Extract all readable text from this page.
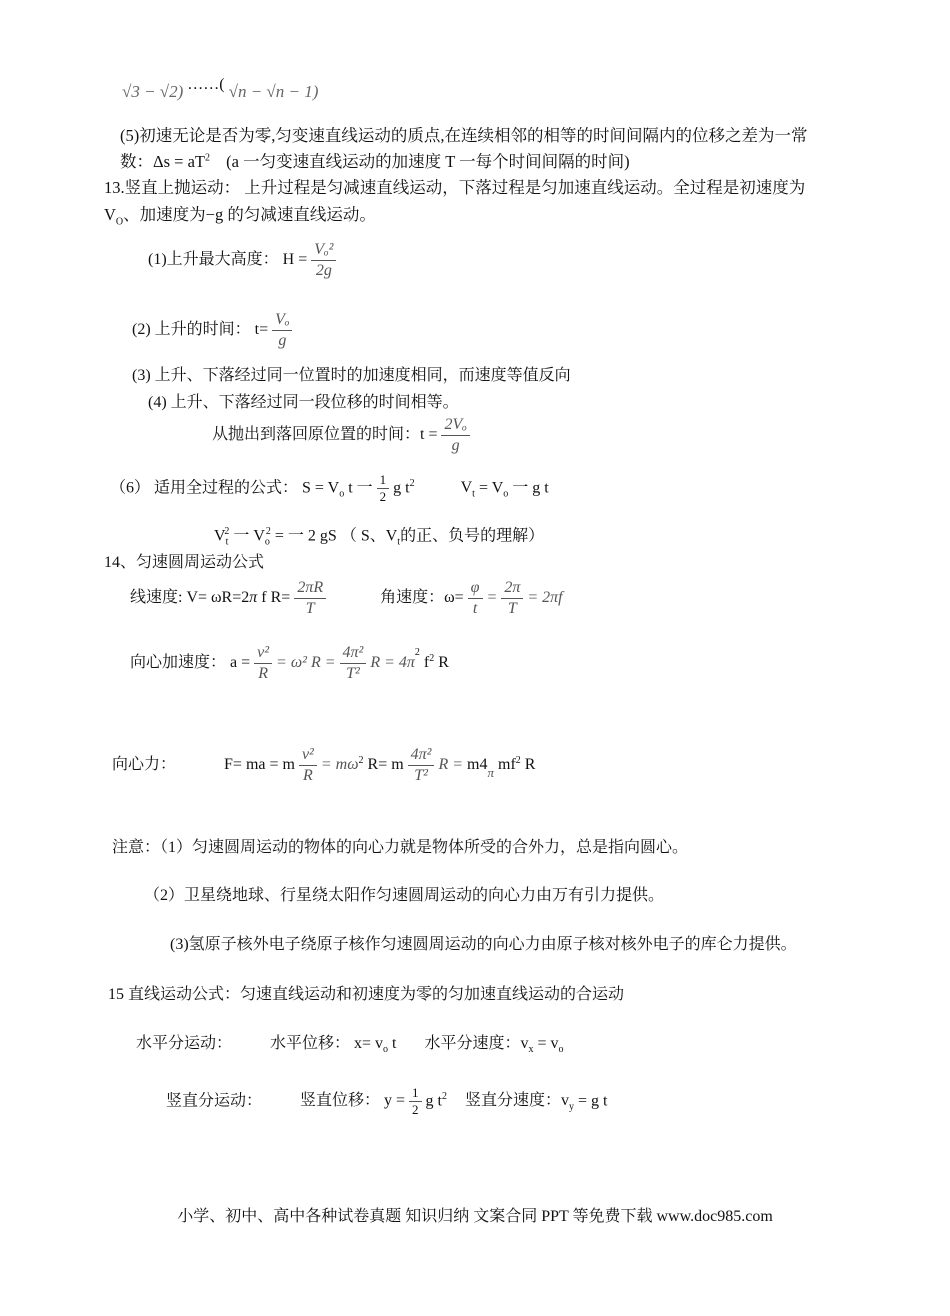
√3 − √2) ……( √n − √n − 1)
(5)初速无论是否为零,匀变速直线运动的质点,在连续相邻的相等的时间间隔内的位移之差为一常
数：$\Delta s = aT^2$ (a 一匀变速直线运动的加速度 T 一每个时间间隔的时间)
13.竖直上抛运动： 上升过程是匀减速直线运动，下落过程是匀加速直线运动。全过程是初速度为
$V_O$、加速度为−g 的匀减速直线运动。
(1)上升最大高度： $H = \frac{\text{Vₒ²}}{2g}$
(2) 上升的时间： $t= \frac{\text{Vₒ}}{g}$
(3) 上升、下落经过同一位置时的加速度相同，而速度等值反向
(4) 上升、下落经过同一段位移的时间相等。
从抛出到落回原位置的时间：$t = \frac{\text{2Vₒ}}{g}$
（6） 适用全过程的公式： $S = V_o$ t 一 $\frac{1}{2}$ g $t^2$	$V_t = V_o$ 一 g t
$V_t^2$ 一 $V_o^2$ = 一 2 gS （ S、$V_t$的正、负号的理解）
14、匀速圆周运动公式
线速度: V= ωR=2π f $R= \frac{2\pi R}{T}$	角速度：$\omega= \frac{\varphi}{t} = \frac{2\pi}{T} = 2\pi f$
向心加速度： $a = \frac{\text{v²}}{R} = \omega^2$ $R = \frac{\text{4π²}}{\text{T²}}$ $R = 4\pi^2$ $f^2$ R
向心力：	F= ma = m $\frac{\text{v²}}{R} = m\omega^2$ R= m $\frac{\text{4π²}}{\text{T²}}$ $R = m4_\pi$ $mf^2$ R
注意：（1）匀速圆周运动的物体的向心力就是物体所受的合外力，总是指向圆心。
（2）卫星绕地球、行星绕太阳作匀速圆周运动的向心力由万有引力提供。
(3)氢原子核外电子绕原子核作匀速圆周运动的向心力由原子核对核外电子的库仑力提供。
15 直线运动公式：匀速直线运动和初速度为零的匀加速直线运动的合运动
水平分运动： 水平位移： $x= v_o$ t 水平分速度：$v_x = v_o$
竖直分运动： 竖直位移： $y = \frac{1}{2}$ g $t^2$ 竖直分速度：$v_y = g$ t
小学、初中、高中各种试卷真题 知识归纳 文案合同 PPT 等免费下载 www.doc985.com
